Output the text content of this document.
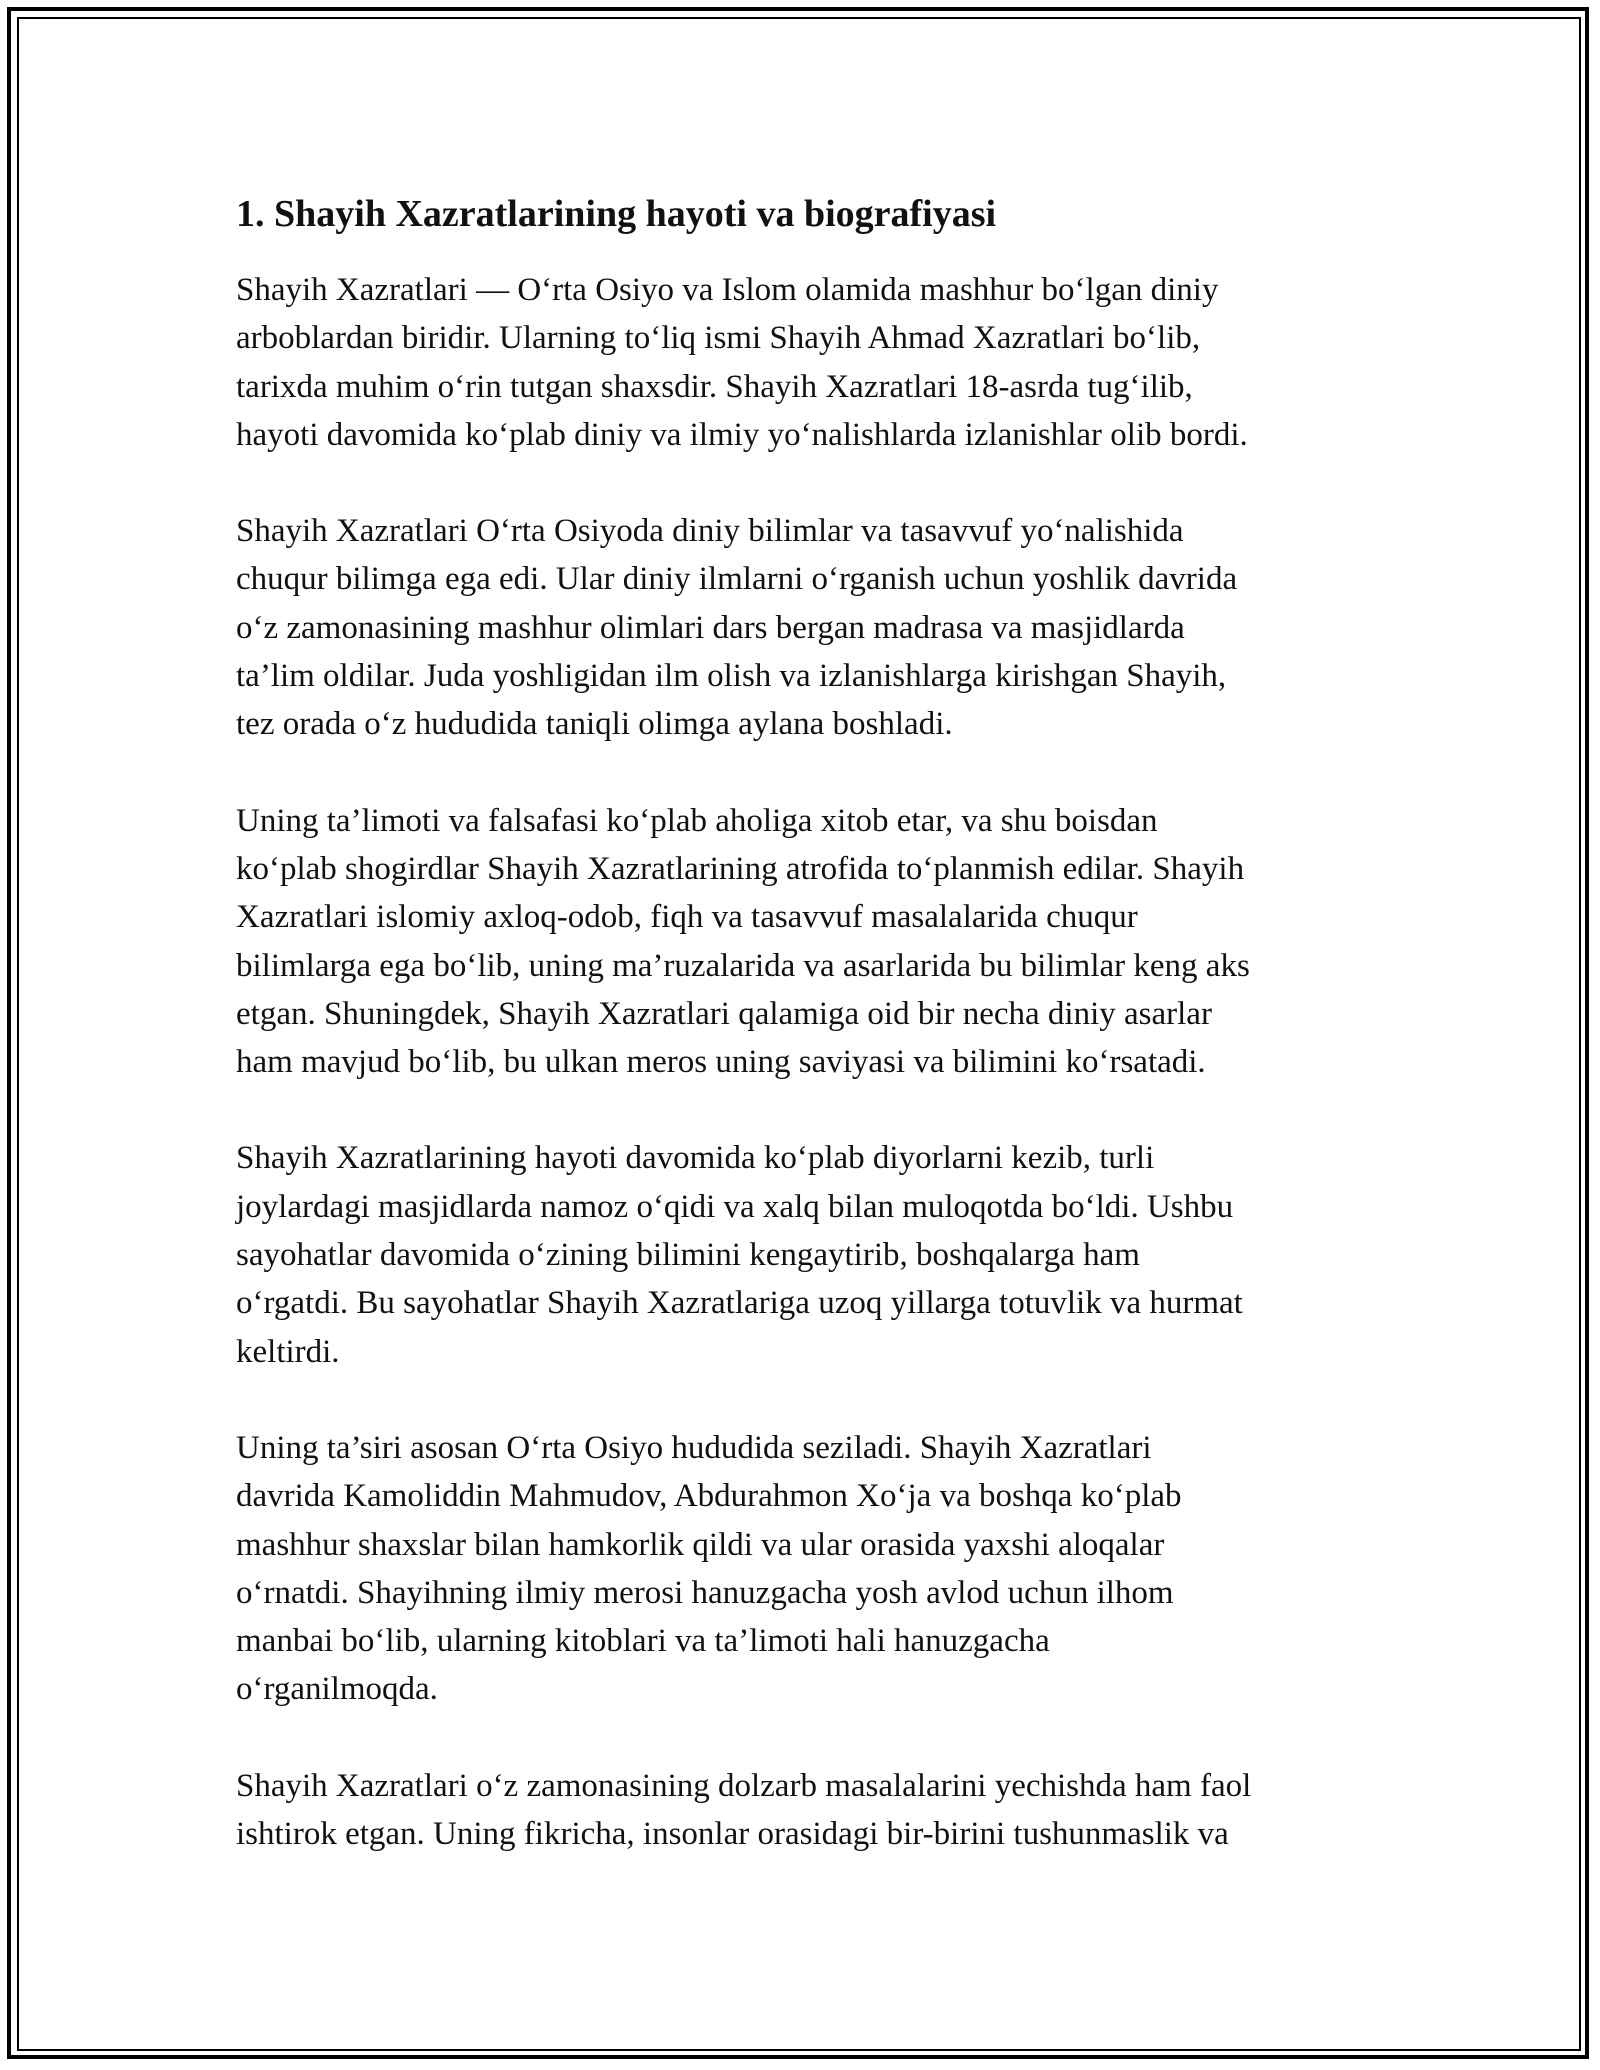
1. Shayih Xazratlarining hayoti va biografiyasi

Shayih Xazratlari — O‘rta Osiyo va Islom olamida mashhur bo‘lgan diniy
arboblardan biridir. Ularning to‘liq ismi Shayih Ahmad Xazratlari bo‘lib,
tarixda muhim o‘rin tutgan shaxsdir. Shayih Xazratlari 18-asrda tug‘ilib,
hayoti davomida ko‘plab diniy va ilmiy yo‘nalishlarda izlanishlar olib bordi.

Shayih Xazratlari O‘rta Osiyoda diniy bilimlar va tasavvuf yo‘nalishida
chuqur bilimga ega edi. Ular diniy ilmlarni o‘rganish uchun yoshlik davrida
o‘z zamonasining mashhur olimlari dars bergan madrasa va masjidlarda
ta’lim oldilar. Juda yoshligidan ilm olish va izlanishlarga kirishgan Shayih,
tez orada o‘z hududida taniqli olimga aylana boshladi.

Uning ta’limoti va falsafasi ko‘plab aholiga xitob etar, va shu boisdan
ko‘plab shogirdlar Shayih Xazratlarining atrofida to‘planmish edilar. Shayih
Xazratlari islomiy axloq-odob, fiqh va tasavvuf masalalarida chuqur
bilimlarga ega bo‘lib, uning ma’ruzalarida va asarlarida bu bilimlar keng aks
etgan. Shuningdek, Shayih Xazratlari qalamiga oid bir necha diniy asarlar
ham mavjud bo‘lib, bu ulkan meros uning saviyasi va bilimini ko‘rsatadi.

Shayih Xazratlarining hayoti davomida ko‘plab diyorlarni kezib, turli
joylardagi masjidlarda namoz o‘qidi va xalq bilan muloqotda bo‘ldi. Ushbu
sayohatlar davomida o‘zining bilimini kengaytirib, boshqalarga ham
o‘rgatdi. Bu sayohatlar Shayih Xazratlariga uzoq yillarga totuvlik va hurmat
keltirdi.

Uning ta’siri asosan O‘rta Osiyo hududida seziladi. Shayih Xazratlari
davrida Kamoliddin Mahmudov, Abdurahmon Xo‘ja va boshqa ko‘plab
mashhur shaxslar bilan hamkorlik qildi va ular orasida yaxshi aloqalar
o‘rnatdi. Shayihning ilmiy merosi hanuzgacha yosh avlod uchun ilhom
manbai bo‘lib, ularning kitoblari va ta’limoti hali hanuzgacha
o‘rganilmoqda.

Shayih Xazratlari o‘z zamonasining dolzarb masalalarini yechishda ham faol
ishtirok etgan. Uning fikricha, insonlar orasidagi bir-birini tushunmaslik va
